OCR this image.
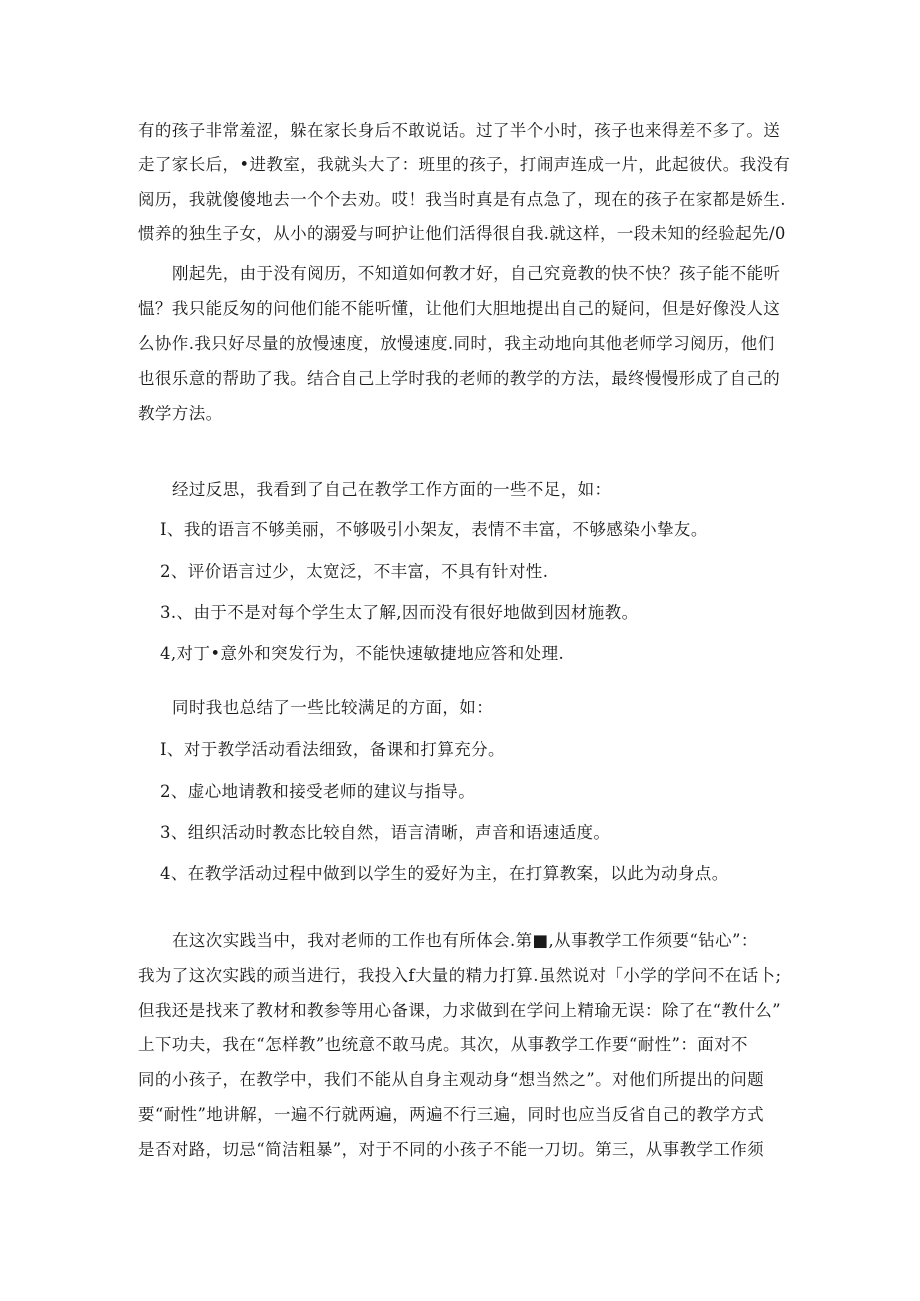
有的孩子非常羞涩，躲在家长身后不敢说话。过了半个小时，孩子也来得差不多了。送
走了家长后，•进教室，我就头大了：班里的孩子，打闹声连成一片，此起彼伏。我没有
阅历，我就傻傻地去一个个去劝。哎！我当时真是有点急了，现在的孩子在家都是娇生.
惯养的独生子女，从小的溺爱与呵护让他们活得很自我.就这样，一段未知的经验起先/0
刚起先，由于没有阅历，不知道如何教才好，自己究竟教的快不快？孩子能不能听
愠？我只能反匆的问他们能不能听懂，让他们大胆地提出自己的疑问，但是好像没人这
么协作.我只好尽量的放慢速度，放慢速度.同时，我主动地向其他老师学习阅历，他们
也很乐意的帮助了我。结合自己上学时我的老师的教学的方法，最终慢慢形成了自己的
教学方法。
经过反思，我看到了自己在教学工作方面的一些不足，如：
I、我的语言不够美丽，不够吸引小架友，表情不丰富，不够感染小挚友。
2、评价语言过少，太宽泛，不丰富，不具有针对性.
3.、由于不是对每个学生太了解,因而没有很好地做到因材施教。
4,对丁•意外和突发行为，不能快速敏捷地应答和处理.
同时我也总结了一些比较满足的方面，如：
I、对于教学活动看法细致，备课和打算充分。
2、虚心地请教和接受老师的建议与指导。
3、组织活动时教态比较自然，语言清晰，声音和语速适度。
4、在教学活动过程中做到以学生的爱好为主，在打算教案，以此为动身点。
在这次实践当中，我对老师的工作也有所体会.第■,从事教学工作须要“钻心”：
我为了这次实践的顽当进行，我投入f大量的精力打算.虽然说对「小学的学问不在话卜;
但我还是找来了教材和教参等用心备课，力求做到在学问上精瑜无误：除了在“教什么”
上下功夫，我在“怎样教”也统意不敢马虎。其次，从事教学工作要“耐性”：面对不
同的小孩子，在教学中，我们不能从自身主观动身“想当然之”。对他们所提出的问题
要“耐性”地讲解，一遍不行就两遍，两遍不行三遍，同时也应当反省自己的教学方式
是否对路，切忌“简洁粗暴”，对于不同的小孩子不能一刀切。第三，从事教学工作须
